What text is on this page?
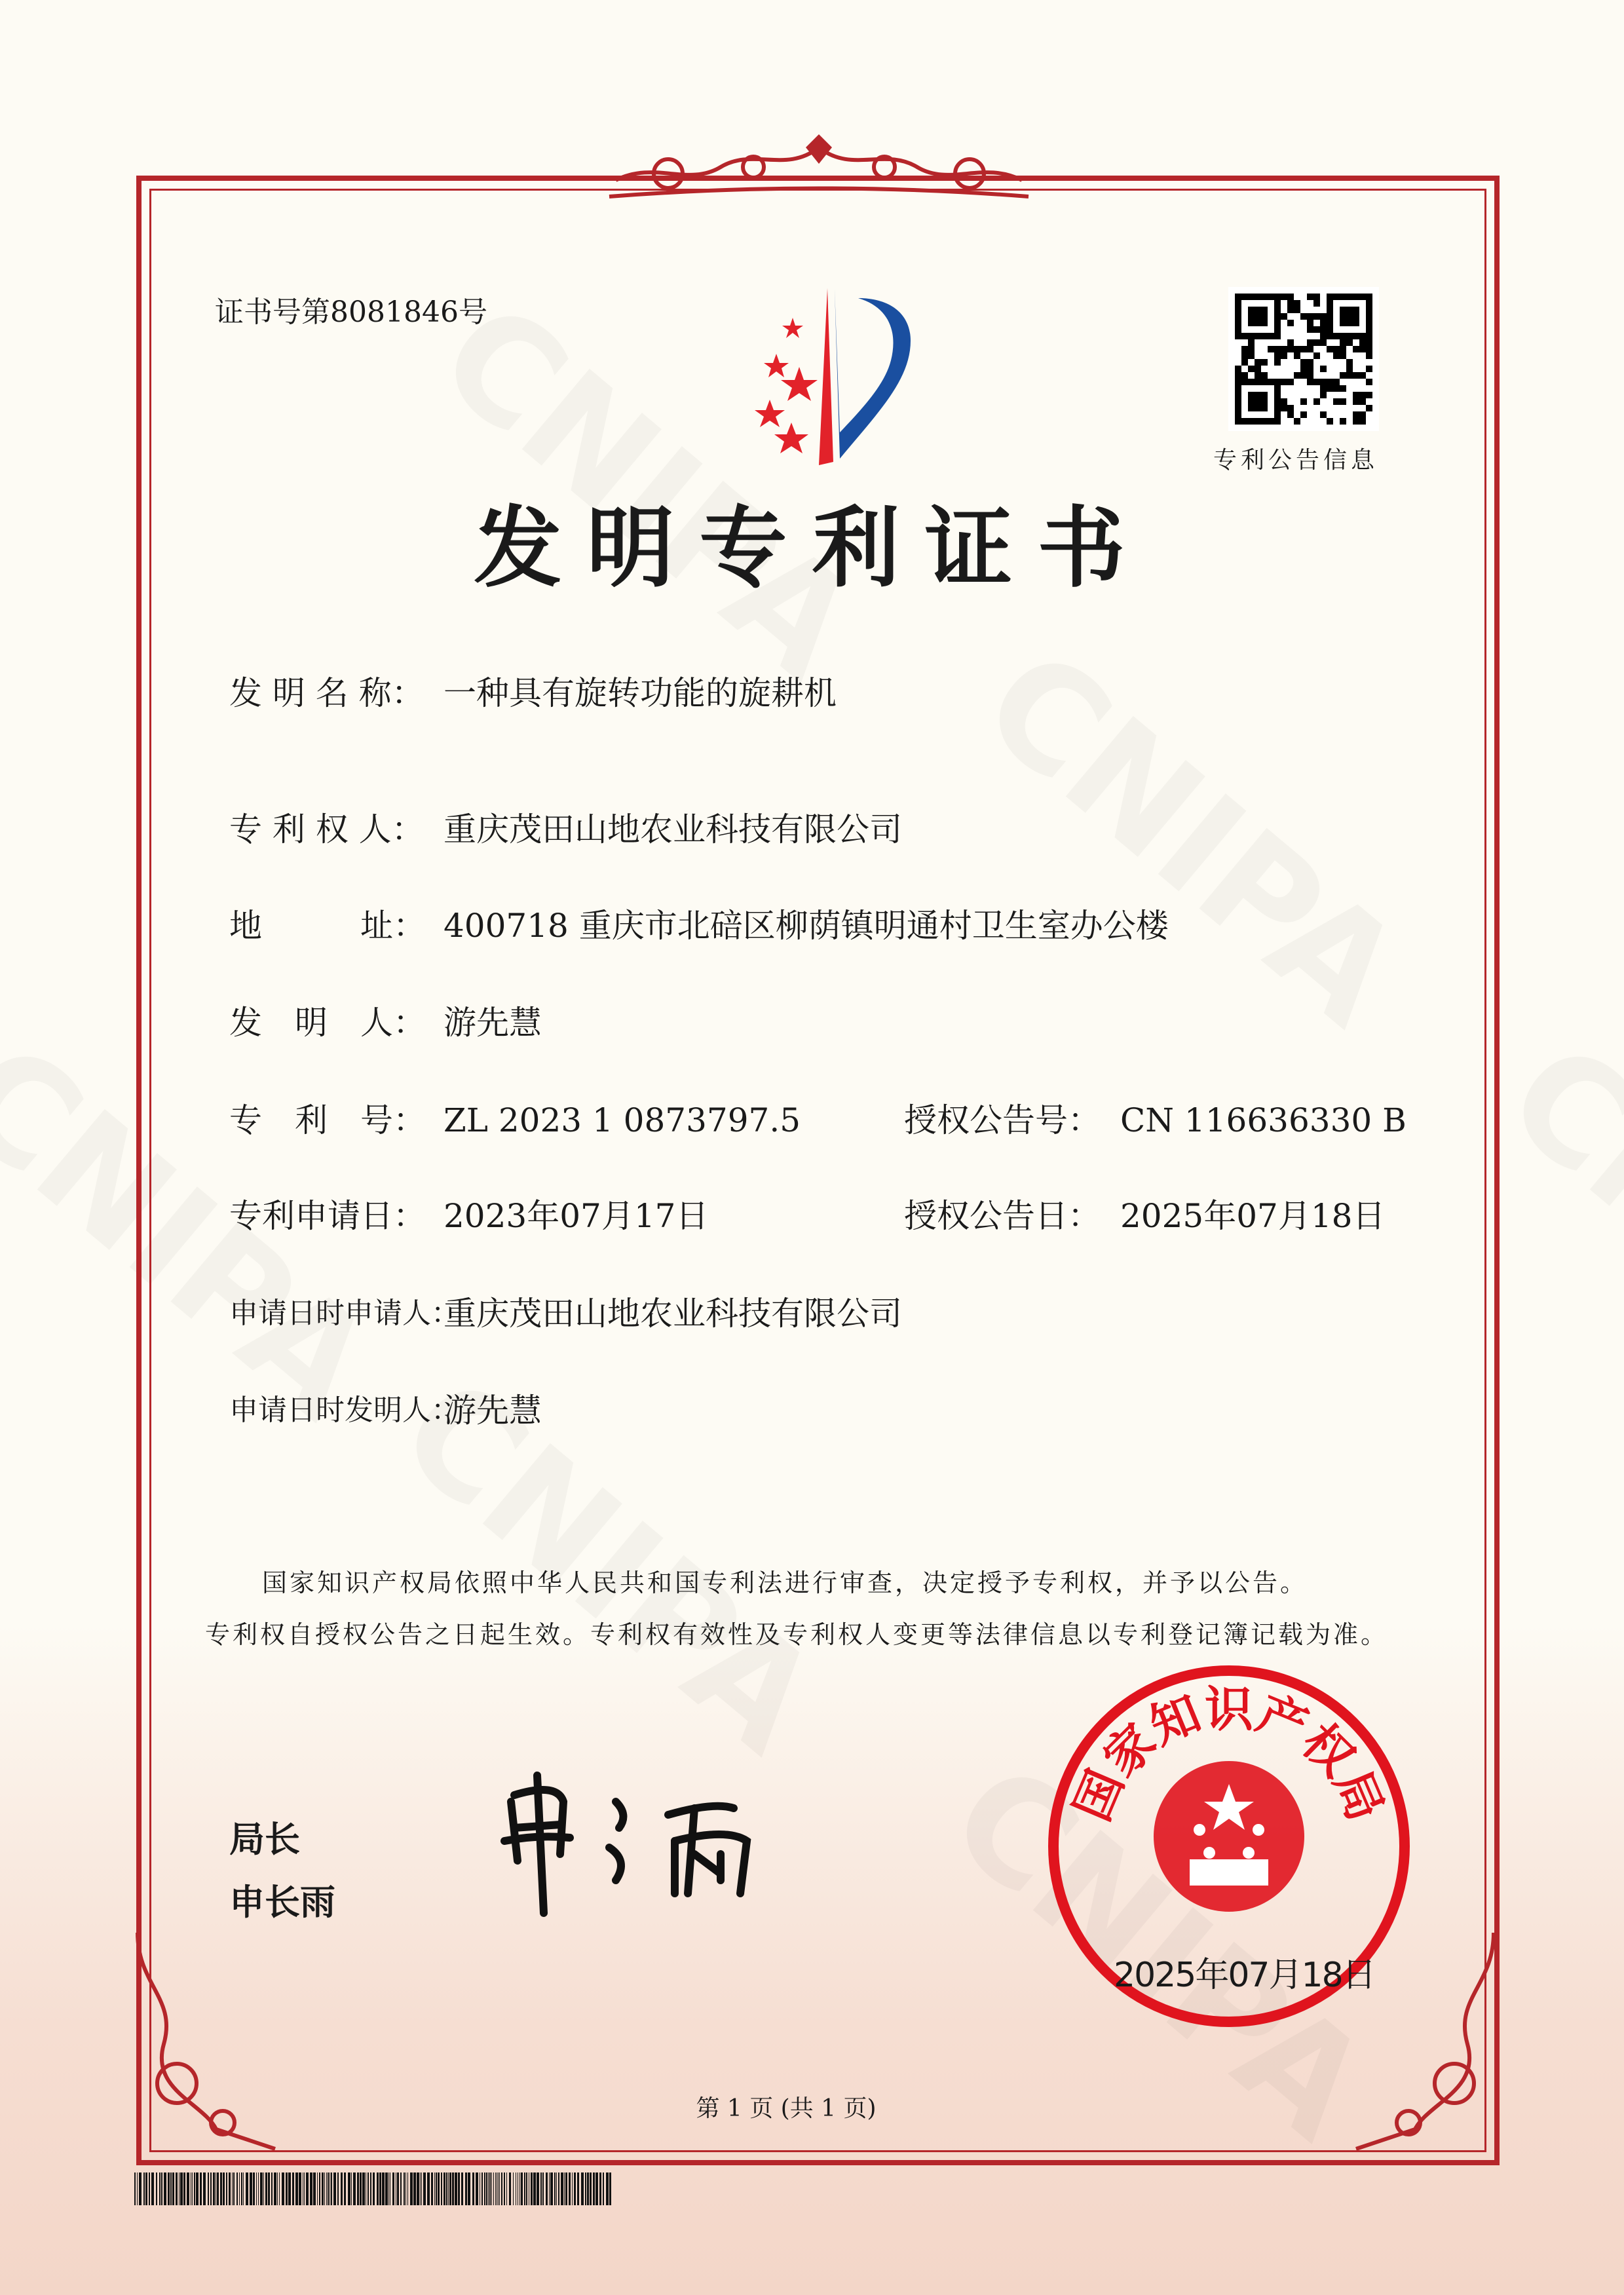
证书号第8081846号
专利公告信息
发明专利证书
发 明 名 称： 一种具有旋转功能的旋耕机
专 利 权 人： 重庆茂田山地农业科技有限公司
地　　　址： 400718 重庆市北碚区柳荫镇明通村卫生室办公楼
发　明　人： 游先慧
专　利　号： ZL 2023 1 0873797.5	授权公告号： CN 116636330 B
专利申请日： 2023年07月17日	授权公告日： 2025年07月18日
申请日时申请人：
重庆茂田山地农业科技有限公司
申请日时发明人：
游先慧
国家知识产权局依照中华人民共和国专利法进行审查，决定授予专利权，并予以公告。
专利权自授权公告之日起生效。专利权有效性及专利权人变更等法律信息以专利登记簿记载为准。
局长
申长雨
国家知识产权局
2025年07月18日
第 1 页 (共 1 页)
